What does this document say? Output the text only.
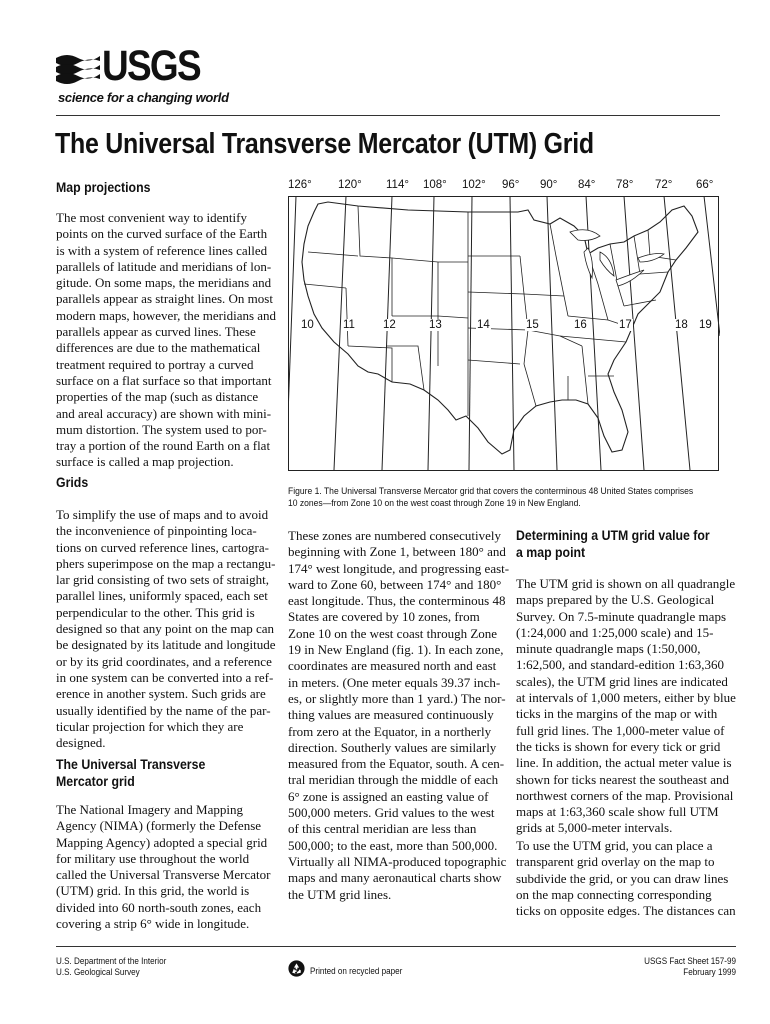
USGS
science for a changing world
The Universal Transverse Mercator (UTM) Grid
Map projections

The most convenient way to identify

points on the curved surface of the Earth

is with a system of reference lines called

parallels of latitude and meridians of lon-

gitude. On some maps, the meridians and

parallels appear as straight lines. On most

modern maps, however, the meridians and

parallels appear as curved lines. These

differences are due to the mathematical

treatment required to portray a curved

surface on a flat surface so that important

properties of the map (such as distance

and areal accuracy) are shown with mini-

mum distortion. The system used to por-

tray a portion of the round Earth on a flat

surface is called a map projection.

Grids

To simplify the use of maps and to avoid

the inconvenience of pinpointing loca-

tions on curved reference lines, cartogra-

phers superimpose on the map a rectangu-

lar grid consisting of two sets of straight,

parallel lines, uniformly spaced, each set

perpendicular to the other. This grid is

designed so that any point on the map can

be designated by its latitude and longitude

or by its grid coordinates, and a reference

in one system can be converted into a ref-

erence in another system. Such grids are

usually identified by the name of the par-

ticular projection for which they are

designed.

The Universal Transverse
Mercator grid

The National Imagery and Mapping

Agency (NIMA) (formerly the Defense

Mapping Agency) adopted a special grid

for military use throughout the world

called the Universal Transverse Mercator

(UTM) grid. In this grid, the world is

divided into 60 north-south zones, each

covering a strip 6° wide in longitude.

126° 120° 114° 108° 102° 96° 90° 84° 78° 72° 66°
10	11 12	13	14	15	16	17	18 19

Figure 1. The Universal Transverse Mercator grid that covers the conterminous 48 United States comprises

10 zones—from Zone 10 on the west coast through Zone 19 in New England.

These zones are numbered consecutively

beginning with Zone 1, between 180° and

174° west longitude, and progressing east-

ward to Zone 60, between 174° and 180°

east longitude. Thus, the conterminous 48

States are covered by 10 zones, from

Zone 10 on the west coast through Zone

19 in New England (fig. 1). In each zone,

coordinates are measured north and east

in meters. (One meter equals 39.37 inch-

es, or slightly more than 1 yard.) The nor-

thing values are measured continuously

from zero at the Equator, in a northerly

direction. Southerly values are similarly

measured from the Equator, south. A cen-

tral meridian through the middle of each

6° zone is assigned an easting value of

500,000 meters. Grid values to the west

of this central meridian are less than

500,000; to the east, more than 500,000.

Virtually all NIMA-produced topographic

maps and many aeronautical charts show

the UTM grid lines.

Determining a UTM grid value for
a map point

The UTM grid is shown on all quadrangle

maps prepared by the U.S. Geological

Survey. On 7.5-minute quadrangle maps

(1:24,000 and 1:25,000 scale) and 15-

minute quadrangle maps (1:50,000,

1:62,500, and standard-edition 1:63,360

scales), the UTM grid lines are indicated

at intervals of 1,000 meters, either by blue

ticks in the margins of the map or with

full grid lines. The 1,000-meter value of

the ticks is shown for every tick or grid

line. In addition, the actual meter value is

shown for ticks nearest the southeast and

northwest corners of the map. Provisional

maps at 1:63,360 scale show full UTM

grids at 5,000-meter intervals.

To use the UTM grid, you can place a

transparent grid overlay on the map to

subdivide the grid, or you can draw lines

on the map connecting corresponding

ticks on opposite edges. The distances can

U.S. Department of the Interior

U.S. Geological Survey	Printed on recycled paper

USGS Fact Sheet 157-99

February 1999
